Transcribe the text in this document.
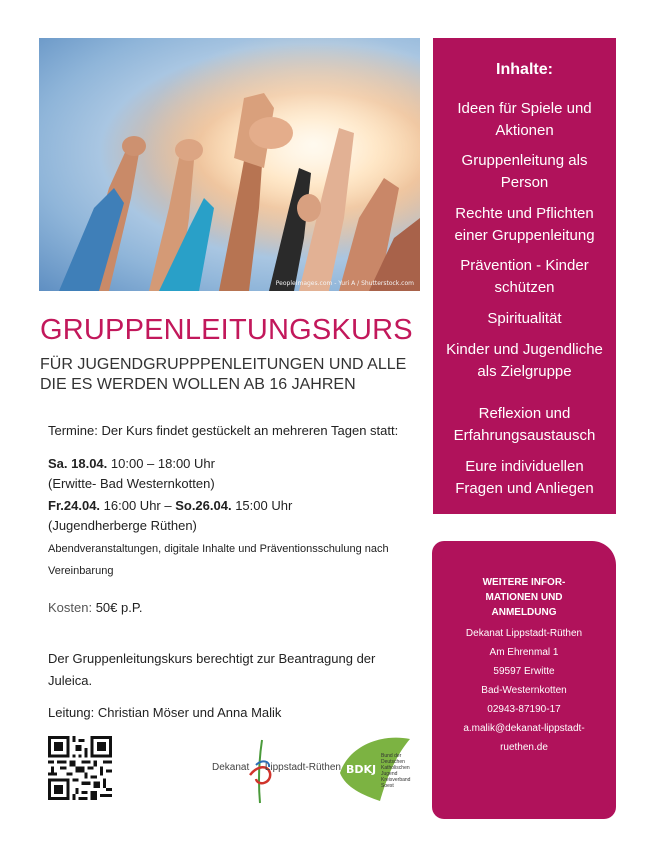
PeopleImages.com - Yuri A / Shutterstock.com
Inhalte:
Ideen für Spiele und Aktionen
Gruppenleitung als Person
Rechte und Pflichten einer Gruppenleitung
Prävention - Kinder schützen
Spiritualität
Kinder und Jugendliche als Zielgruppe
Reflexion und Erfahrungsaustausch
Eure individuellen Fragen und Anliegen
GRUPPENLEITUNGSKURS

FÜR JUGENDGRUPPPENLEITUNGEN UND ALLE DIE ES WERDEN WOLLEN AB 16 JAHREN

Termine: Der Kurs findet gestückelt an mehreren Tagen statt:
Sa. 18.04. 10:00 – 18:00 Uhr
(Erwitte- Bad Westernkotten)
Fr.24.04. 16:00 Uhr – So.26.04. 15:00 Uhr
(Jugendherberge Rüthen)
Abendveranstaltungen, digitale Inhalte und Präventionsschulung nach
Vereinbarung
Kosten: 50€ p.P.
Der Gruppenleitungskurs berechtigt zur Beantragung der
Juleica.
Leitung: Christian Möser und Anna Malik
WEITERE INFOR-
MATIONEN UND
ANMELDUNG
Dekanat Lippstadt-Rüthen
Am Ehrenmal 1
59597 Erwitte
Bad-Westernkotten
02943-87190-17
a.malik@dekanat-lippstadt-
ruethen.de
Dekanat Lippstadt-Rüthen BDKJ
Bund der Deutschen Katholischen Jugend Kreisverband Soest
